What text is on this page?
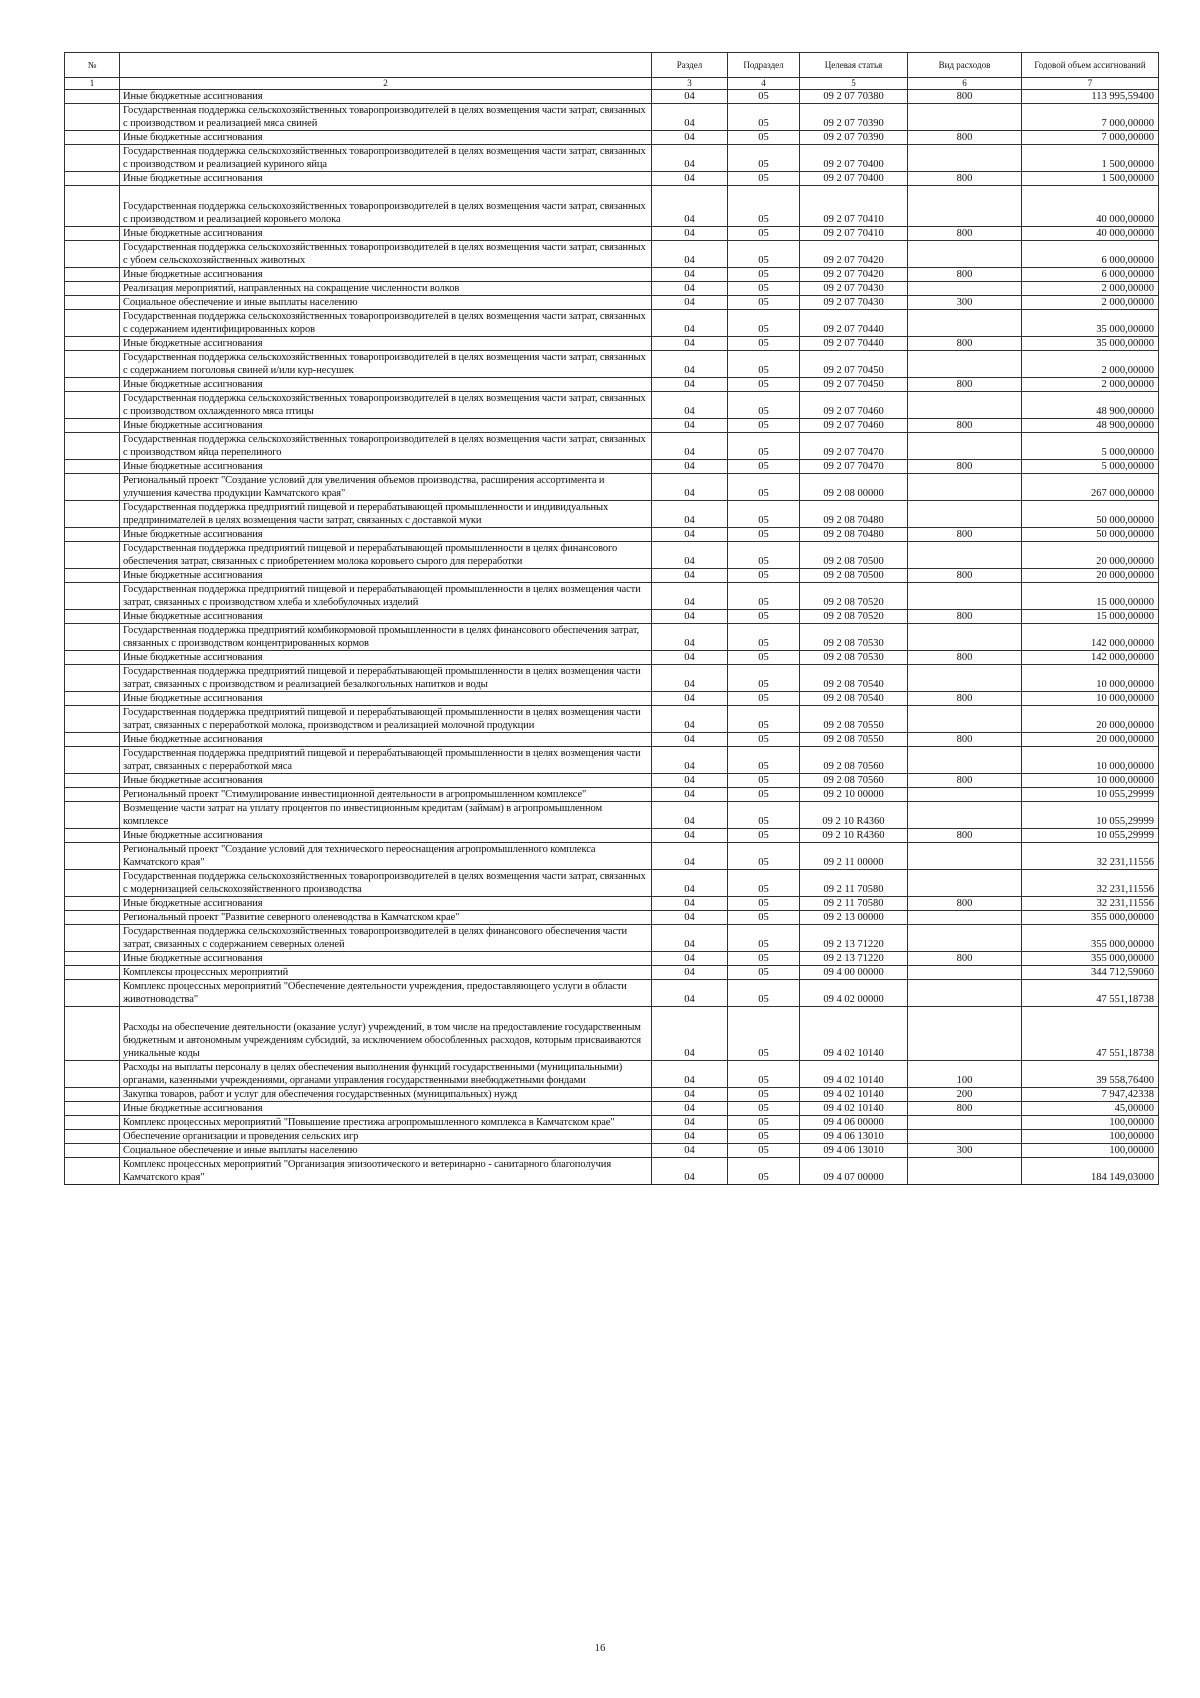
№		Раздел	Подраздел	Целевая статья	Вид расходов	Годовой объем ассигнований
1	2	3	4	5	6	7
	Иные бюджетные ассигнования	04	05	09 2 07 70380	800	113 995,59400
	Государственная поддержка сельскохозяйственных товаропроизводителей в целях возмещения части затрат, связанных с производством и реализацией мяса свиней	04	05	09 2 07 70390		7 000,00000
	Иные бюджетные ассигнования	04	05	09 2 07 70390	800	7 000,00000
	Государственная поддержка сельскохозяйственных товаропроизводителей в целях возмещения части затрат, связанных с производством и реализацией куриного яйца	04	05	09 2 07 70400		1 500,00000
	Иные бюджетные ассигнования	04	05	09 2 07 70400	800	1 500,00000
	Государственная поддержка сельскохозяйственных товаропроизводителей в целях возмещения части затрат, связанных с производством и реализацией коровьего молока	04	05	09 2 07 70410		40 000,00000
	Иные бюджетные ассигнования	04	05	09 2 07 70410	800	40 000,00000
	Государственная поддержка сельскохозяйственных товаропроизводителей в целях возмещения части затрат, связанных с убоем сельскохозяйственных животных	04	05	09 2 07 70420		6 000,00000
	Иные бюджетные ассигнования	04	05	09 2 07 70420	800	6 000,00000
	Реализация мероприятий, направленных на сокращение численности волков	04	05	09 2 07 70430		2 000,00000
	Социальное обеспечение и иные выплаты населению	04	05	09 2 07 70430	300	2 000,00000
	Государственная поддержка сельскохозяйственных товаропроизводителей в целях возмещения части затрат, связанных с содержанием идентифицированных коров	04	05	09 2 07 70440		35 000,00000
	Иные бюджетные ассигнования	04	05	09 2 07 70440	800	35 000,00000
	Государственная поддержка сельскохозяйственных товаропроизводителей в целях возмещения части затрат, связанных с содержанием поголовья свиней и/или кур-несушек	04	05	09 2 07 70450		2 000,00000
	Иные бюджетные ассигнования	04	05	09 2 07 70450	800	2 000,00000
	Государственная поддержка сельскохозяйственных товаропроизводителей в целях возмещения части затрат, связанных с производством охлажденного мяса птицы	04	05	09 2 07 70460		48 900,00000
	Иные бюджетные ассигнования	04	05	09 2 07 70460	800	48 900,00000
	Государственная поддержка сельскохозяйственных товаропроизводителей в целях возмещения части затрат, связанных с производством яйца перепелиного	04	05	09 2 07 70470		5 000,00000
	Иные бюджетные ассигнования	04	05	09 2 07 70470	800	5 000,00000
	Региональный проект "Создание условий для увеличения объемов производства, расширения ассортимента и улучшения качества продукции Камчатского края"	04	05	09 2 08 00000		267 000,00000
	Государственная поддержка предприятий пищевой и перерабатывающей промышленности и индивидуальных предпринимателей в целях возмещения части затрат, связанных с доставкой муки	04	05	09 2 08 70480		50 000,00000
	Иные бюджетные ассигнования	04	05	09 2 08 70480	800	50 000,00000
	Государственная поддержка предприятий пищевой и перерабатывающей промышленности в целях финансового обеспечения затрат, связанных с приобретением молока коровьего сырого для переработки	04	05	09 2 08 70500		20 000,00000
	Иные бюджетные ассигнования	04	05	09 2 08 70500	800	20 000,00000
	Государственная поддержка предприятий пищевой и перерабатывающей промышленности в целях возмещения части затрат, связанных с производством хлеба и хлебобулочных изделий	04	05	09 2 08 70520		15 000,00000
	Иные бюджетные ассигнования	04	05	09 2 08 70520	800	15 000,00000
	Государственная поддержка предприятий комбикормовой промышленности в целях финансового обеспечения затрат, связанных с производством концентрированных кормов	04	05	09 2 08 70530		142 000,00000
	Иные бюджетные ассигнования	04	05	09 2 08 70530	800	142 000,00000
	Государственная поддержка предприятий пищевой и перерабатывающей промышленности в целях возмещения части затрат, связанных с производством и реализацией безалкогольных напитков и воды	04	05	09 2 08 70540		10 000,00000
	Иные бюджетные ассигнования	04	05	09 2 08 70540	800	10 000,00000
	Государственная поддержка предприятий пищевой и перерабатывающей промышленности в целях возмещения части затрат, связанных с переработкой молока, производством и реализацией молочной продукции	04	05	09 2 08 70550		20 000,00000
	Иные бюджетные ассигнования	04	05	09 2 08 70550	800	20 000,00000
	Государственная поддержка предприятий пищевой и перерабатывающей промышленности в целях возмещения части затрат, связанных с переработкой мяса	04	05	09 2 08 70560		10 000,00000
	Иные бюджетные ассигнования	04	05	09 2 08 70560	800	10 000,00000
	Региональный проект "Стимулирование инвестиционной деятельности в агропромышленном комплексе"	04	05	09 2 10 00000		10 055,29999
	Возмещение части затрат на уплату процентов по инвестиционным кредитам (займам) в агропромышленном комплексе	04	05	09 2 10 R4360		10 055,29999
	Иные бюджетные ассигнования	04	05	09 2 10 R4360	800	10 055,29999
	Региональный проект "Создание условий для технического переоснащения агропромышленного комплекса Камчатского края"	04	05	09 2 11 00000		32 231,11556
	Государственная поддержка сельскохозяйственных товаропроизводителей в целях возмещения части затрат, связанных с модернизацией сельскохозяйственного производства	04	05	09 2 11 70580		32 231,11556
	Иные бюджетные ассигнования	04	05	09 2 11 70580	800	32 231,11556
	Региональный проект "Развитие северного оленеводства в Камчатском крае"	04	05	09 2 13 00000		355 000,00000
	Государственная поддержка сельскохозяйственных товаропроизводителей в целях финансового обеспечения части затрат, связанных с содержанием северных оленей	04	05	09 2 13 71220		355 000,00000
	Иные бюджетные ассигнования	04	05	09 2 13 71220	800	355 000,00000
	Комплексы процессных мероприятий	04	05	09 4 00 00000		344 712,59060
	Комплекс процессных мероприятий "Обеспечение деятельности учреждения, предоставляющего услуги в области животноводства"	04	05	09 4 02 00000		47 551,18738
	Расходы на обеспечение деятельности (оказание услуг) учреждений, в том числе на предоставление государственным бюджетным и автономным учреждениям субсидий, за исключением обособленных расходов, которым присваиваются уникальные коды	04	05	09 4 02 10140		47 551,18738
	Расходы на выплаты персоналу в целях обеспечения выполнения функций государственными (муниципальными) органами, казенными учреждениями, органами управления государственными внебюджетными фондами	04	05	09 4 02 10140	100	39 558,76400
	Закупка товаров, работ и услуг для обеспечения государственных (муниципальных) нужд	04	05	09 4 02 10140	200	7 947,42338
	Иные бюджетные ассигнования	04	05	09 4 02 10140	800	45,00000
	Комплекс процессных мероприятий "Повышение престижа агропромышленного комплекса в Камчатском крае"	04	05	09 4 06 00000		100,00000
	Обеспечение организации и проведения сельских игр	04	05	09 4 06 13010		100,00000
	Социальное обеспечение и иные выплаты населению	04	05	09 4 06 13010	300	100,00000
	Комплекс процессных мероприятий "Организация эпизоотического и ветеринарно - санитарного благополучия Камчатского края"	04	05	09 4 07 00000		184 149,03000
16
